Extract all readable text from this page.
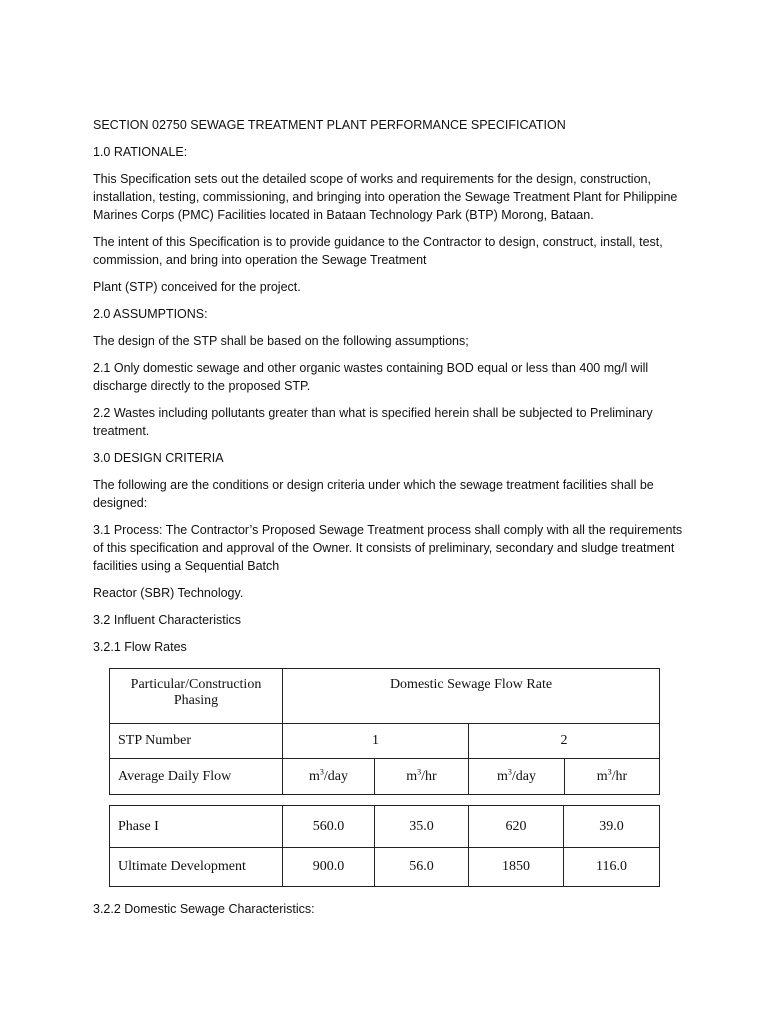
SECTION 02750 SEWAGE TREATMENT PLANT PERFORMANCE SPECIFICATION

1.0 RATIONALE:

This Specification sets out the detailed scope of works and requirements for the design, construction, installation, testing, commissioning, and bringing into operation the Sewage Treatment Plant for Philippine Marines Corps (PMC) Facilities located in Bataan Technology Park (BTP) Morong, Bataan.

The intent of this Specification is to provide guidance to the Contractor to design, construct, install, test, commission, and bring into operation the Sewage Treatment

Plant (STP) conceived for the project.

2.0 ASSUMPTIONS:

The design of the STP shall be based on the following assumptions;

2.1 Only domestic sewage and other organic wastes containing BOD equal or less than 400 mg/l will discharge directly to the proposed STP.

2.2 Wastes including pollutants greater than what is specified herein shall be subjected to Preliminary treatment.

3.0 DESIGN CRITERIA

The following are the conditions or design criteria under which the sewage treatment facilities shall be designed:

3.1 Process: The Contractor’s Proposed Sewage Treatment process shall comply with all the requirements of this specification and approval of the Owner. It consists of preliminary, secondary and sludge treatment facilities using a Sequential Batch

Reactor (SBR) Technology.

3.2 Influent Characteristics

3.2.1 Flow Rates

Particular/Construction Phasing	Domestic Sewage Flow Rate			
STP Number	1		2	
Average Daily Flow	$m^3$/day	$m^3/hr$	$m^3$/day	$m^3/hr$
Phase I	560.0	35.0	620	39.0
Ultimate Development	900.0	56.0	1850	116.0

3.2.2 Domestic Sewage Characteristics:
